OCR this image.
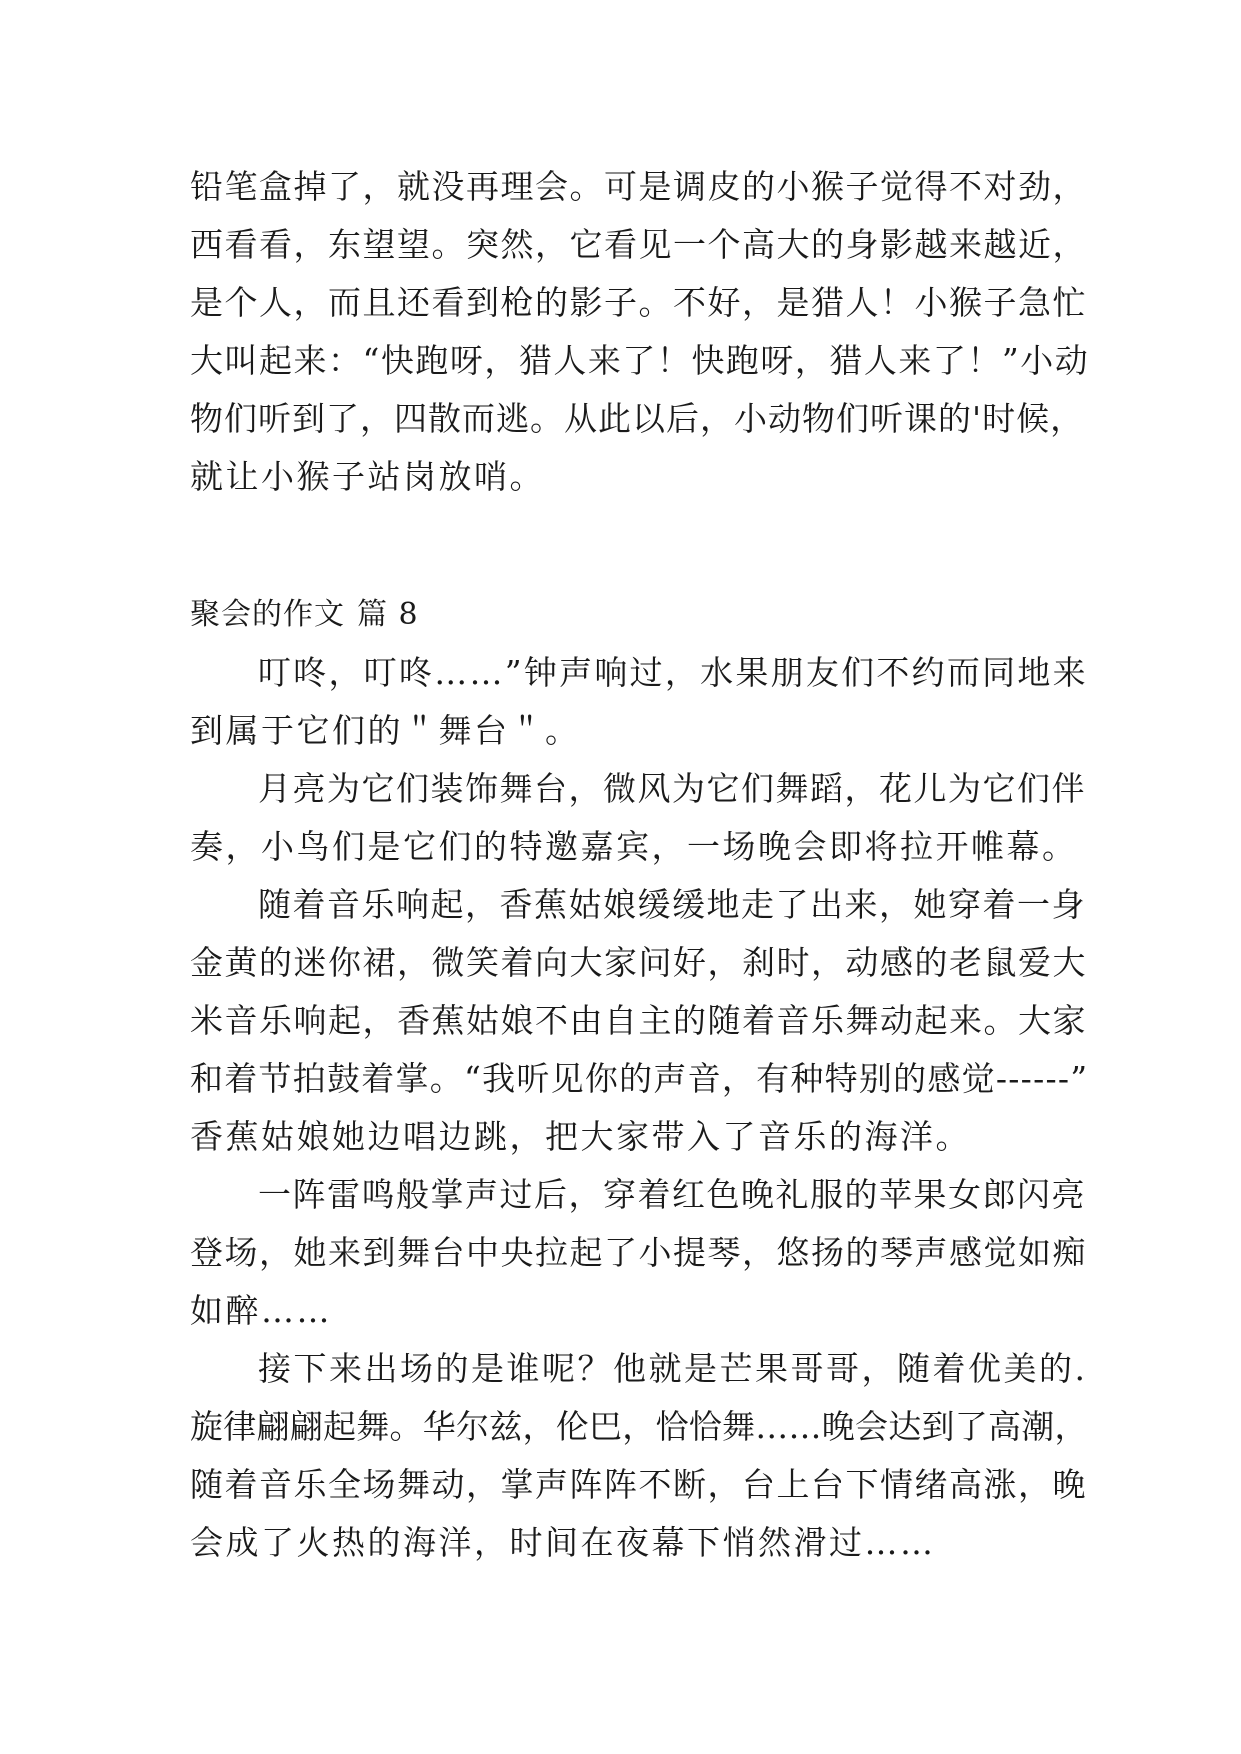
铅笔盒掉了，就没再理会。可是调皮的小猴子觉得不对劲，
西看看，东望望。突然，它看见一个高大的身影越来越近，
是个人，而且还看到枪的影子。不好，是猎人！小猴子急忙
大叫起来：“快跑呀，猎人来了！快跑呀，猎人来了！”小动
物们听到了，四散而逃。从此以后，小动物们听课的'时候，
就让小猴子站岗放哨。
聚会的作文 篇 8
叮咚，叮咚……”钟声响过，水果朋友们不约而同地来
到属于它们的＂舞台＂。
月亮为它们装饰舞台，微风为它们舞蹈，花儿为它们伴
奏，小鸟们是它们的特邀嘉宾，一场晚会即将拉开帷幕。
随着音乐响起，香蕉姑娘缓缓地走了出来，她穿着一身
金黄的迷你裙，微笑着向大家问好，刹时，动感的老鼠爱大
米音乐响起，香蕉姑娘不由自主的随着音乐舞动起来。大家
和着节拍鼓着掌。“我听见你的声音，有种特别的感觉------”
香蕉姑娘她边唱边跳，把大家带入了音乐的海洋。
一阵雷鸣般掌声过后，穿着红色晚礼服的苹果女郎闪亮
登场，她来到舞台中央拉起了小提琴，悠扬的琴声感觉如痴
如醉……
接下来出场的是谁呢？他就是芒果哥哥，随着优美的.
旋律翩翩起舞。华尔兹，伦巴，恰恰舞……晚会达到了高潮，
随着音乐全场舞动，掌声阵阵不断，台上台下情绪高涨，晚
会成了火热的海洋，时间在夜幕下悄然滑过……
